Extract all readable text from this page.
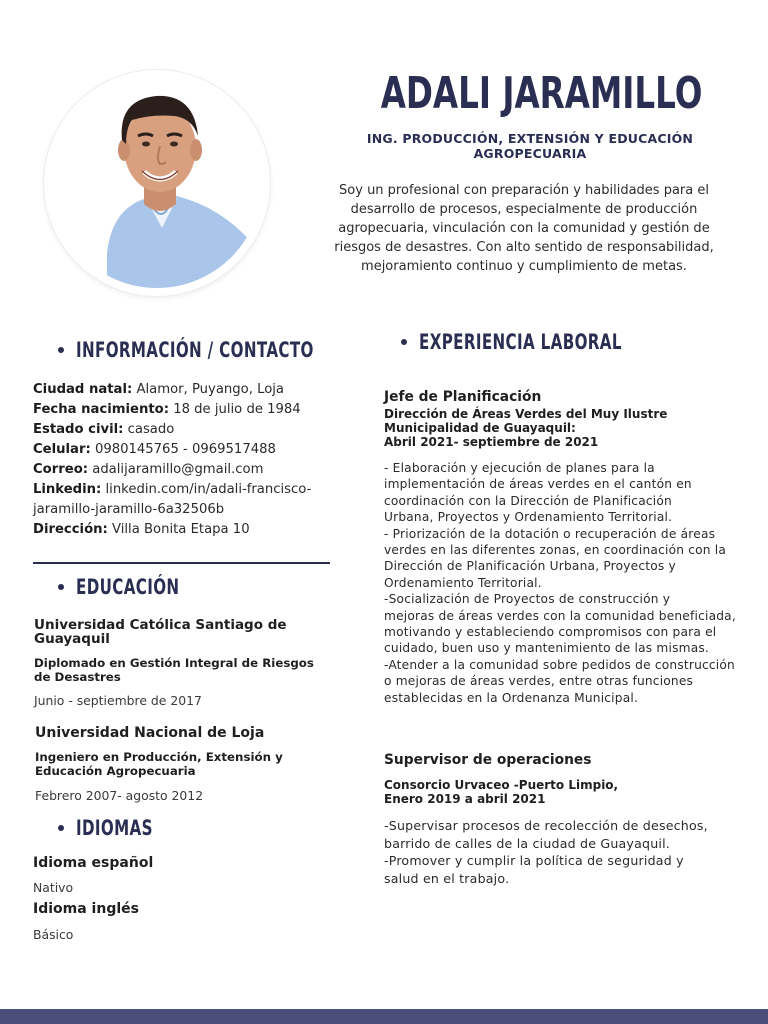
ADALI JARAMILLO
ING. PRODUCCIÓN, EXTENSIÓN Y EDUCACIÓN
AGROPECUARIA
Soy un profesional con preparación y habilidades para el desarrollo de procesos, especialmente de producción agropecuaria, vinculación con la comunidad y gestión de riesgos de desastres. Con alto sentido de responsabilidad, mejoramiento continuo y cumplimiento de metas.
INFORMACIÓN / CONTACTO
Ciudad natal: Alamor, Puyango, Loja
Fecha nacimiento: 18 de julio de 1984
Estado civil: casado
Celular: 0980145765 - 0969517488
Correo: adalijaramillo@gmail.com
Linkedin: linkedin.com/in/adali-francisco-
jaramillo-jaramillo-6a32506b
Dirección: Villa Bonita Etapa 10
EDUCACIÓN
Universidad Católica Santiago de
Guayaquil
Diplomado en Gestión Integral de Riesgos
de Desastres
Junio - septiembre de 2017
Universidad Nacional de Loja
Ingeniero en Producción, Extensión y
Educación Agropecuaria
Febrero 2007- agosto 2012
IDIOMAS
Idioma español
Nativo
Idioma inglés
Básico
EXPERIENCIA LABORAL
Jefe de Planificación
Dirección de Áreas Verdes del Muy Ilustre
Municipalidad de Guayaquil:
Abril 2021- septiembre de 2021
- Elaboración y ejecución de planes para la
implementación de áreas verdes en el cantón en
coordinación con la Dirección de Planificación
Urbana, Proyectos y Ordenamiento Territorial.
- Priorización de la dotación o recuperación de áreas
verdes en las diferentes zonas, en coordinación con la
Dirección de Planificación Urbana, Proyectos y
Ordenamiento Territorial.
-Socialización de Proyectos de construcción y
mejoras de áreas verdes con la comunidad beneficiada,
motivando y estableciendo compromisos con para el
cuidado, buen uso y mantenimiento de las mismas.
-Atender a la comunidad sobre pedidos de construcción
o mejoras de áreas verdes, entre otras funciones
establecidas en la Ordenanza Municipal.
Supervisor de operaciones
Consorcio Urvaceo -Puerto Limpio,
Enero 2019 a abril 2021
-Supervisar procesos de recolección de desechos,
barrido de calles de la ciudad de Guayaquil.
-Promover y cumplir la política de seguridad y
salud en el trabajo.
